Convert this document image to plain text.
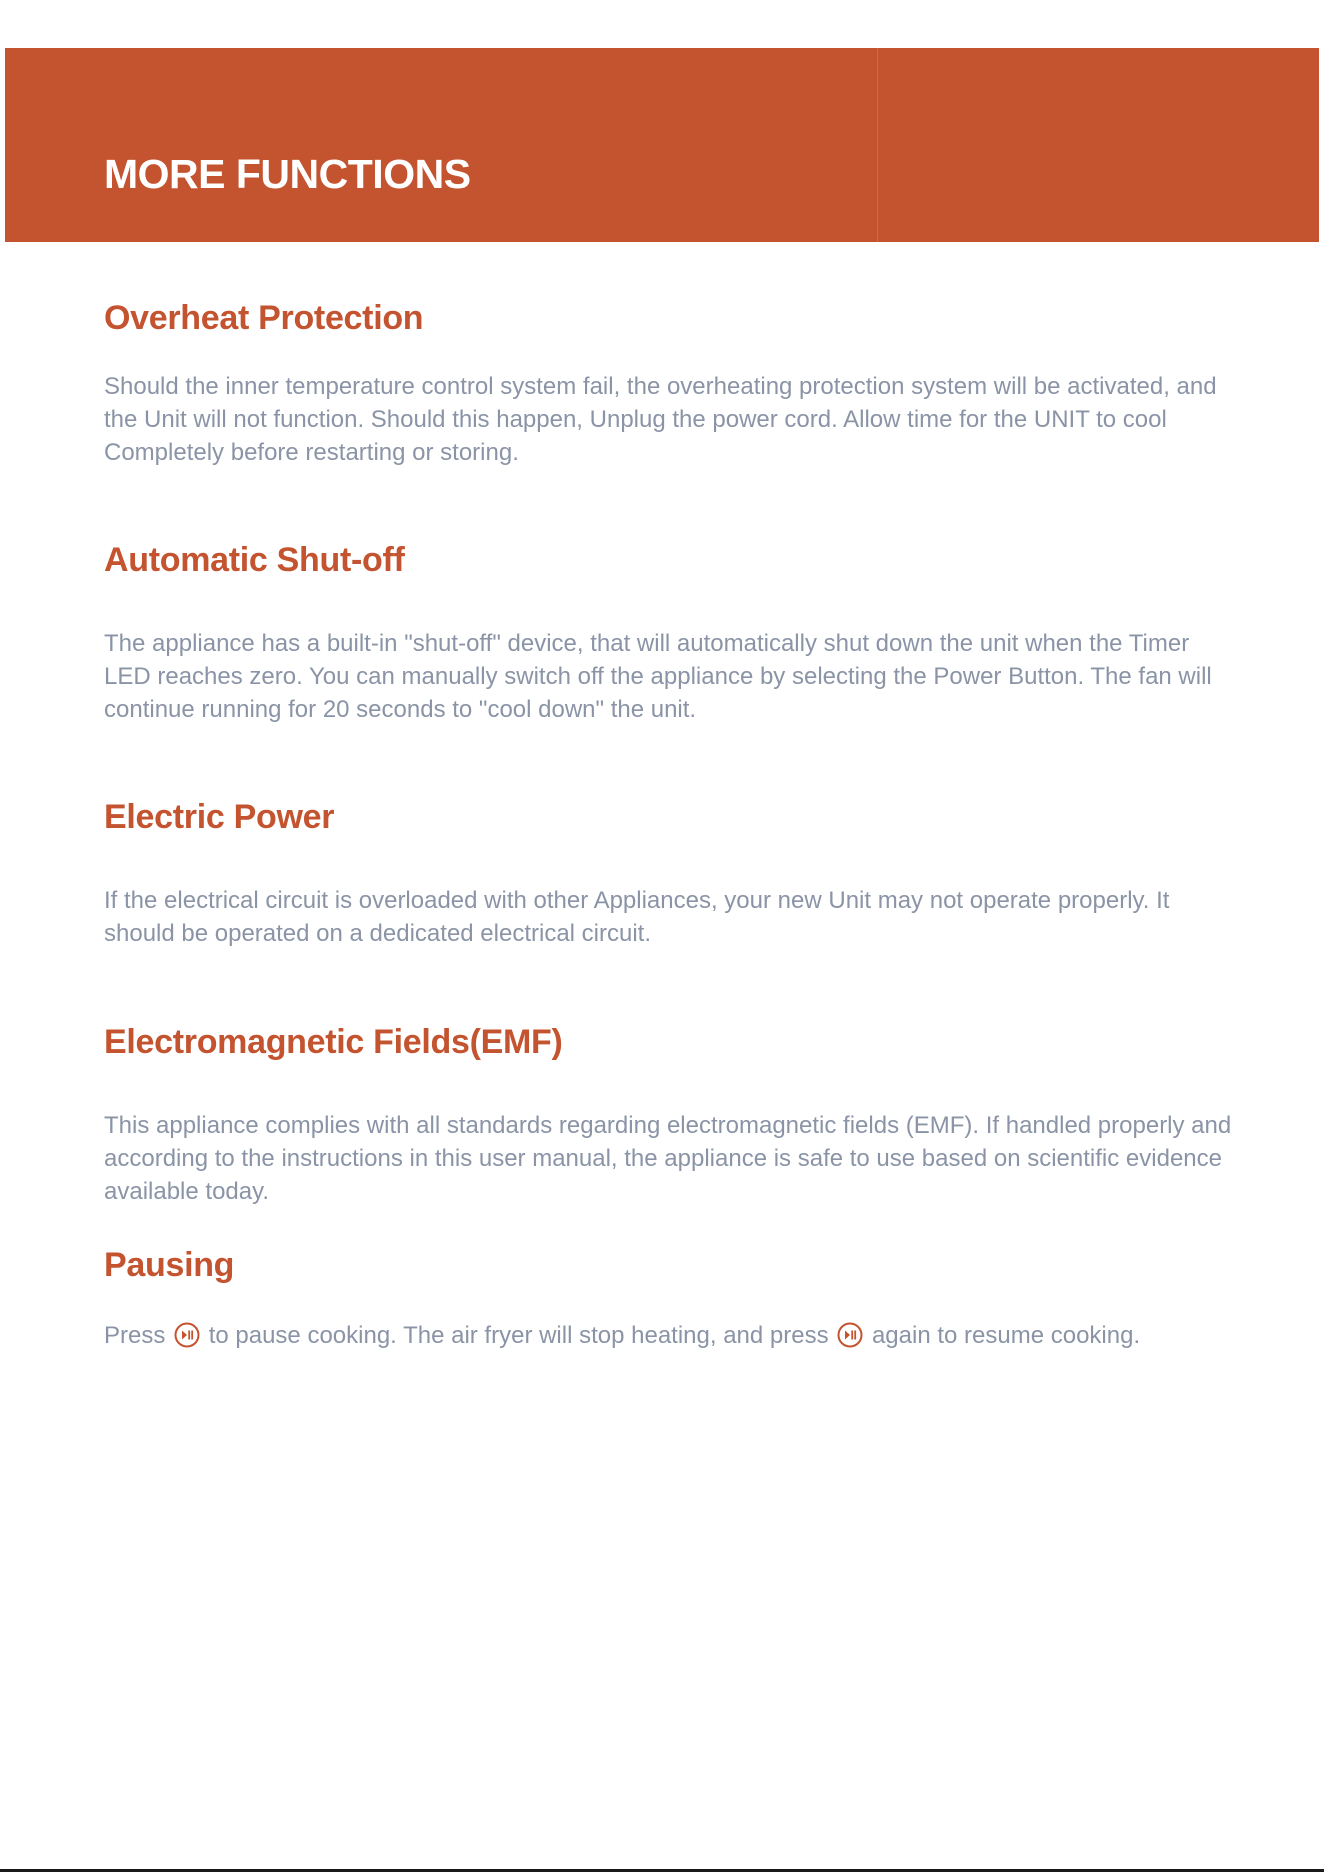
MORE FUNCTIONS
Overheat Protection

Should the inner temperature control system fail, the overheating protection system will be activated, and the Unit will not function. Should this happen, Unplug the power cord. Allow time for the UNIT to cool Completely before restarting or storing.

Automatic Shut-off

The appliance has a built-in "shut-off" device, that will automatically shut down the unit when the Timer LED reaches zero. You can manually switch off the appliance by selecting the Power Button. The fan will continue running for 20 seconds to "cool down" the unit.

Electric Power

If the electrical circuit is overloaded with other Appliances, your new Unit may not operate properly. It should be operated on a dedicated electrical circuit.

Electromagnetic Fields(EMF)

This appliance complies with all standards regarding electromagnetic fields (EMF). If handled properly and according to the instructions in this user manual, the appliance is safe to use based on scientific evidence available today.

Pausing

Press to pause cooking. The air fryer will stop heating, and press again to resume cooking.
